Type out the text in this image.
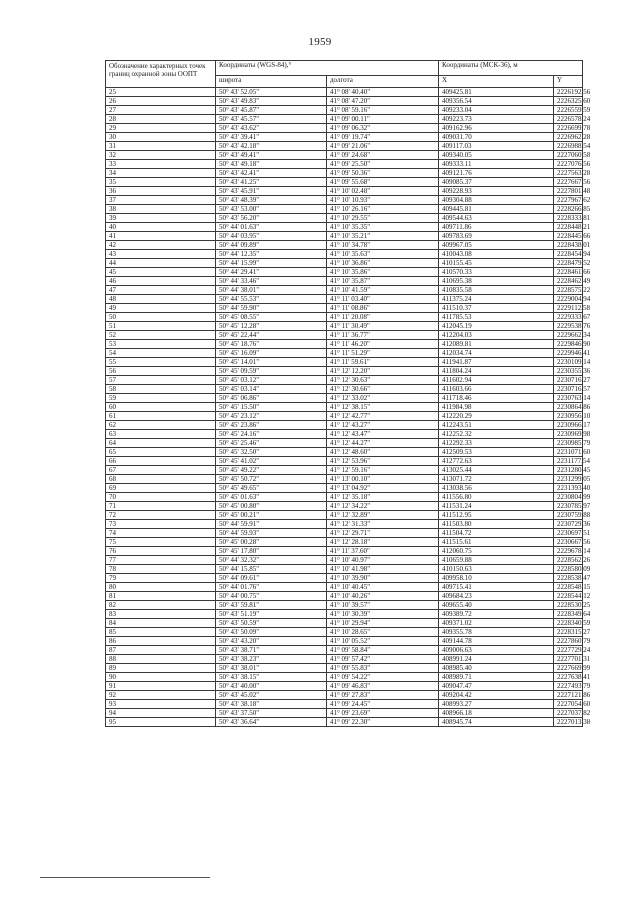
1959
Обозначение характерных точек границ охранной зоны ООПТ	Координаты (WGS-84),°		Координаты (МСК-36), м	
	широта	долгота	X	Y
25	50° 43' 52.05"	41° 08' 40.40"	409425.81	2226192.56
26	50° 43' 49.83"	41° 08' 47.20"	409356.54	2226325.60
27	50° 43' 45.87"	41° 08' 59.16"	409233.04	2226559.59
28	50° 43' 45.57"	41° 09' 00.11"	409223.73	2226578.24
29	50° 43' 43.62"	41° 09' 06.32"	409162.96	2226699.78
30	50° 43' 39.41"	41° 09' 19.74"	409031.70	2226962.28
31	50° 43' 42.18"	41° 09' 21.06"	409117.03	2226988.54
32	50° 43' 49.41"	41° 09' 24.68"	409340.05	2227060.58
33	50° 43' 49.18"	41° 09' 25.50"	409333.11	2227076.56
34	50° 43' 42.41"	41° 09' 50.36"	409121.76	2227563.28
35	50° 43' 41.25"	41° 09' 55.68"	409085.37	2227667.56
36	50° 43' 45.91"	41° 10' 02.48"	409228.93	2227801.48
37	50° 43' 48.39"	41° 10' 10.93"	409304.88	2227967.62
38	50° 43' 53.00"	41° 10' 26.16"	409445.81	2228266.85
39	50° 43' 56.20"	41° 10' 29.55"	409544.63	2228333.81
40	50° 44' 01.63"	41° 10' 35.35"	409711.86	2228448.21
41	50° 44' 03.95"	41° 10' 35.21"	409783.69	2228445.66
42	50° 44' 09.89"	41° 10' 34.78"	409967.05	2228438.01
43	50° 44' 12.35"	41° 10' 35.63"	410043.08	2228454.94
44	50° 44' 15.99"	41° 10' 36.86"	410155.45	2228479.52
45	50° 44' 29.41"	41° 10' 35.86"	410570.33	2228461.66
46	50° 44' 33.46"	41° 10' 35.87"	410695.38	2228462.49
47	50° 44' 38.01"	41° 10' 41.59"	410835.58	2228575.22
48	50° 44' 55.53"	41° 11' 03.40"	411375.24	2229004.94
49	50° 44' 59.90"	41° 11' 08.86"	411510.37	2229112.58
50	50° 45' 08.55"	41° 11' 20.08"	411785.53	2229333.67
51	50° 45' 12.28"	41° 11' 30.49"	412045.19	2229538.76
52	50° 45' 22.44"	41° 11' 36.77"	412204.03	2229662.34
53	50° 45' 18.76"	41° 11' 46.20"	412089.81	2229846.90
54	50° 45' 16.09"	41° 11' 51.29"	412034.74	2229946.41
55	50° 45' 14.01"	41° 11' 59.61"	411941.87	2230109.14
56	50° 45' 09.59"	41° 12' 12.20"	411804.24	2230355.36
57	50° 45' 03.12"	41° 12' 30.63"	411602.94	2230716.27
58	50° 45' 03.14"	41° 12' 30.66"	411603.66	2230716.57
59	50° 45' 06.86"	41° 12' 33.02"	411718.46	2230763.14
60	50° 45' 15.50"	41° 12' 38.15"	411984.98	2230864.86
61	50° 45' 23.12"	41° 12' 42.77"	412220.29	2230956.10
62	50° 45' 23.86"	41° 12' 43.27"	412243.51	2230966.17
63	50° 45' 24.16"	41° 12' 43.47"	412252.32	2230969.98
64	50° 45' 25.46"	41° 12' 44.27"	412292.33	2230985.79
65	50° 45' 32.50"	41° 12' 48.60"	412509.53	2231071.60
66	50° 45' 41.02"	41° 12' 53.96"	412772.63	2231177.54
67	50° 45' 49.22"	41° 12' 59.16"	413025.44	2231280.45
68	50° 45' 50.72"	41° 13' 00.10"	413071.72	2231299.05
69	50° 45' 49.65"	41° 13' 04.92"	413038.56	2231393.40
70	50° 45' 01.63"	41° 12' 35.18"	411556.80	2230804.99
71	50° 45' 00.80"	41° 12' 34.22"	411531.24	2230785.97
72	50° 45' 00.21"	41° 12' 32.89"	411512.95	2230759.88
73	50° 44' 59.91"	41° 12' 31.33"	411503.80	2230729.36
74	50° 44' 59.93"	41° 12' 29.71"	411504.72	2230697.51
75	50° 45' 00.28"	41° 12' 28.18"	411515.61	2230667.56
76	50° 45' 17.80"	41° 11' 37.60"	412060.75	2229678.14
77	50° 44' 32.32"	41° 10' 40.97"	410659.88	2228562.26
78	50° 44' 15.85"	41° 10' 41.98"	410150.63	2228580.09
79	50° 44' 09.61"	41° 10' 39.90"	409958.10	2228538.47
80	50° 44' 01.76"	41° 10' 40.45"	409715.41	2228548.15
81	50° 44' 00.75"	41° 10' 40.26"	409684.23	2228544.12
82	50° 43' 59.81"	41° 10' 39.57"	409655.40	2228530.25
83	50° 43' 51.19"	41° 10' 30.39"	409389.72	2228349.64
84	50° 43' 50.59"	41° 10' 29.94"	409371.02	2228340.59
85	50° 43' 50.09"	41° 10' 28.65"	409355.78	2228315.27
86	50° 43' 43.20"	41° 10' 05.52"	409144.78	2227860.79
87	50° 43' 38.71"	41° 09' 58.84"	409006.63	2227729.24
88	50° 43' 38.23"	41° 09' 57.42"	408991.24	2227701.31
89	50° 43' 38.01"	41° 09' 55.83"	408985.40	2227669.99
90	50° 43' 38.15"	41° 09' 54.22"	408989.71	2227638.41
91	50° 43' 40.00"	41° 09' 46.83"	409047.47	2227493.79
92	50° 43' 45.02"	41° 09' 27.83"	409204.42	2227121.86
93	50° 43' 38.18"	41° 09' 24.45"	408993.27	2227054.60
94	50° 43' 37.50"	41° 09' 23.69"	408966.18	2227037.82
95	50° 43' 36.64"	41° 09' 22.30"	408945.74	2227013.38
